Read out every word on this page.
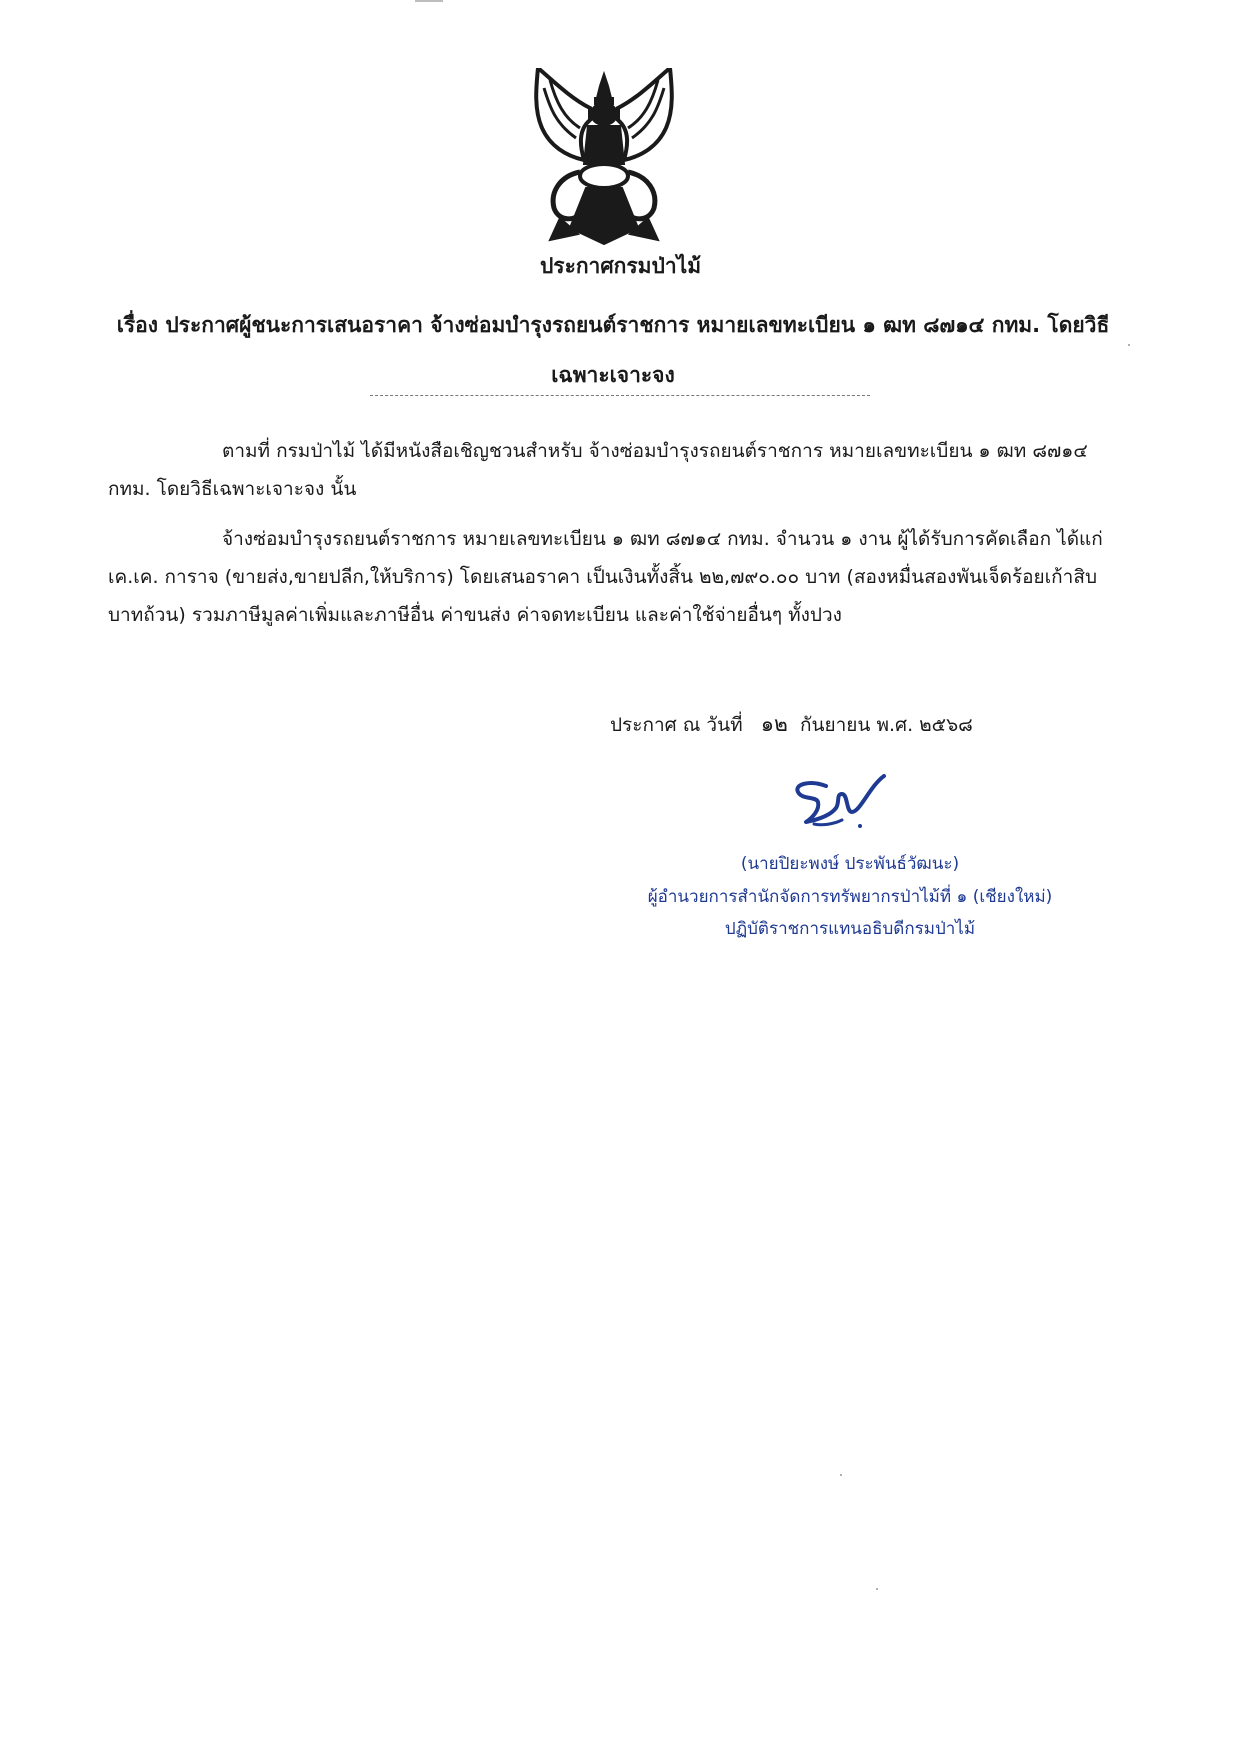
ประกาศกรมป่าไม้
เรื่อง ประกาศผู้ชนะการเสนอราคา จ้างซ่อมบำรุงรถยนต์ราชการ หมายเลขทะเบียน ๑ ฒท ๘๗๑๔ กทม. โดยวิธี
เฉพาะเจาะจง
ตามที่ กรมป่าไม้ ได้มีหนังสือเชิญชวนสำหรับ จ้างซ่อมบำรุงรถยนต์ราชการ หมายเลขทะเบียน ๑ ฒท ๘๗๑๔ กทม. โดยวิธีเฉพาะเจาะจง นั้น
จ้างซ่อมบำรุงรถยนต์ราชการ หมายเลขทะเบียน ๑ ฒท ๘๗๑๔ กทม. จำนวน ๑ งาน ผู้ได้รับการคัดเลือก ได้แก่ เค.เค. การาจ (ขายส่ง,ขายปลีก,ให้บริการ) โดยเสนอราคา เป็นเงินทั้งสิ้น ๒๒,๗๙๐.๐๐ บาท (สองหมื่นสองพันเจ็ดร้อยเก้าสิบบาทถ้วน) รวมภาษีมูลค่าเพิ่มและภาษีอื่น ค่าขนส่ง ค่าจดทะเบียน และค่าใช้จ่ายอื่นๆ ทั้งปวง
ประกาศ ณ วันที่ ๑๒ กันยายน พ.ศ. ๒๕๖๘
(นายปิยะพงษ์ ประพันธ์วัฒนะ)
ผู้อำนวยการสำนักจัดการทรัพยากรป่าไม้ที่ ๑ (เชียงใหม่)
ปฏิบัติราชการแทนอธิบดีกรมป่าไม้
